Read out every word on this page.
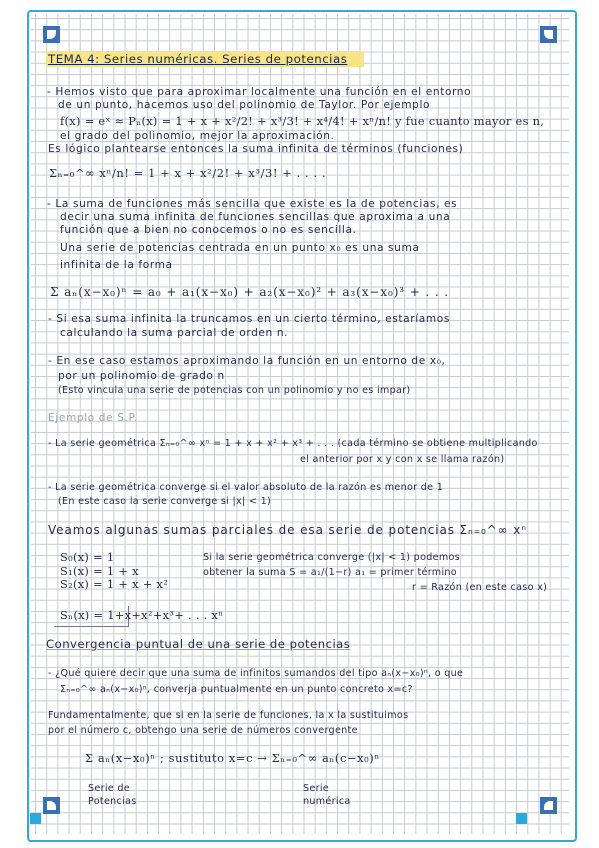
TEMA 4: Series numéricas. Series de potencias
- Hemos visto que para aproximar localmente una función en el entorno
de un punto, hacemos uso del polinomio de Taylor. Por ejemplo
f(x) = eˣ ≈ Pₙ(x) = 1 + x + x²/2! + x³/3! + x⁴/4! + xⁿ/n! y fue cuanto mayor es n,
el grado del polinomio, mejor la aproximación.
Es lógico plantearse entonces la suma infinita de términos (funciones)
Σₙ₌₀^∞ xⁿ/n! = 1 + x + x²/2! + x³/3! + . . . .
- La suma de funciones más sencilla que existe es la de potencias, es
decir una suma infinita de funciones sencillas que aproxima a una
función que a bien no conocemos o no es sencilla.
Una serie de potencias centrada en un punto x₀ es una suma
infinita de la forma
Σ aₙ(x−x₀)ⁿ = a₀ + a₁(x−x₀) + a₂(x−x₀)² + a₃(x−x₀)³ + . . .
- Si esa suma infinita la truncamos en un cierto término, estaríamos
calculando la suma parcial de orden n.
- En ese caso estamos aproximando la función en un entorno de x₀,
por un polinomio de grado n
(Esto vincula una serie de potencias con un polinomio y no es impar)
Ejemplo de S.P.
- La serie geométrica Σₙ₌₀^∞ xⁿ = 1 + x + x² + x³ + . . . (cada término se obtiene multiplicando
el anterior por x y con x se llama razón)
- La serie geométrica converge si el valor absoluto de la razón es menor de 1
(En este caso la serie converge si |x| < 1)
Veamos algunas sumas parciales de esa serie de potencias Σₙ₌₀^∞ xⁿ
S₀(x) = 1
S₁(x) = 1 + x
S₂(x) = 1 + x + x²
Si la serie geométrica converge (|x| < 1) podemos
obtener la suma S = a₁/(1−r) a₁ = primer término
r = Razón (en este caso x)
Sₙ(x) = 1+x+x²+x³+ . . . xⁿ
Convergencia puntual de una serie de potencias
- ¿Qué quiere decir que una suma de infinitos sumandos del tipo aₙ(x−x₀)ⁿ, o que
Σₙ₌₀^∞ aₙ(x−x₀)ⁿ, converja puntualmente en un punto concreto x=c?
Fundamentalmente, que si en la serie de funciones, la x la sustituimos
por el número c, obtengo una serie de números convergente
Σ aₙ(x−x₀)ⁿ ; sustituto x=c → Σₙ₌₀^∞ aₙ(c−x₀)ⁿ
Serie de
Potencias
Serie
numérica
